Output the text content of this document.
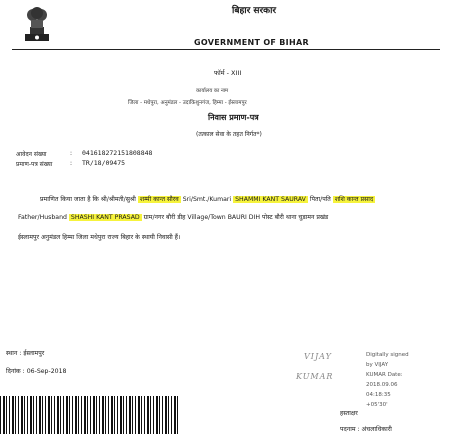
बिहार सरकार
GOVERNMENT OF BIHAR
फॉर्म - XIII
कार्यालय का नाम
जिला - मधेपुरा, अनुमंडल - उदाकिशुनगंज, हिम्मा - ईस्लामपुर
निवास प्रमाण-पत्र
(तत्काल सेवा के तहत निर्गत*)
आवेदन संख्या	: 041618272151808848
प्रमाण-पत्र संख्या	: TR/18/09475
प्रमाणित किया जाता है कि श्री/श्रीमती/सुश्री शम्मी कान्त सौरव Sri/Smt./Kumari SHAMMI KANT SAURAV पिता/पति शशि कान्त प्रसाद
Father/Husband SHASHI KANT PRASAD ग्राम/नगर बौरी डीह Village/Town BAURI DIH पोस्ट बौरी थाना चुडामन प्रखंड
ईस्लामपुर अनुमंडल हिम्मा जिला मधेपुरा राज्य बिहार के स्थायी निवासी हैं।
स्थान : ईस्लामपुर
दिनांक : 06-Sep-2018
VIJAY
KUMAR
Digitally signed
by VIJAY
KUMAR Date:
2018.09.06
04:18:35
+05'30'
हस्ताक्षर
पदनाम : अंचलाधिकारी
